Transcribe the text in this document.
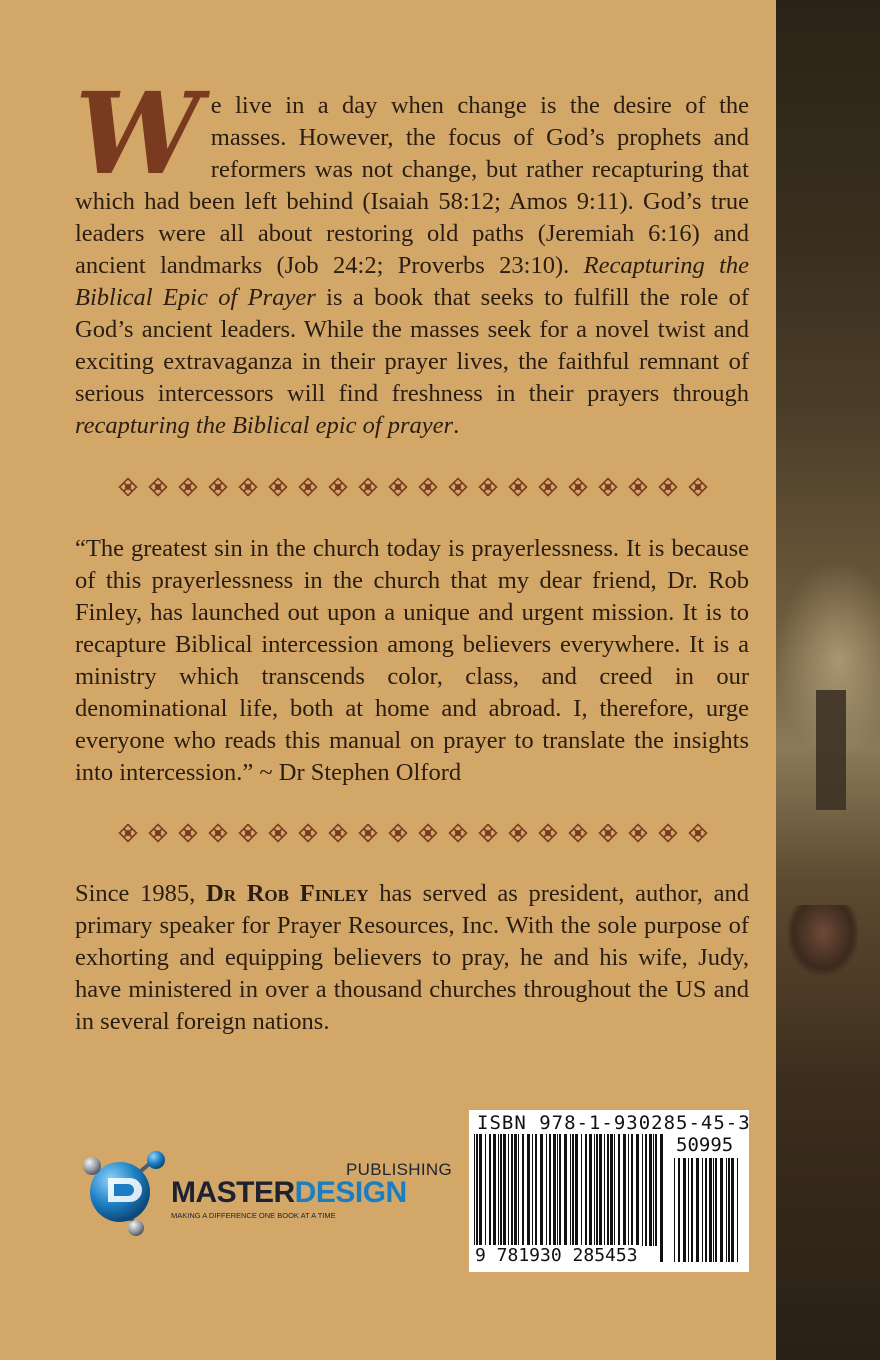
We live in a day when change is the desire of the masses. However, the focus of God’s prophets and reformers was not change, but rather recapturing that which had been left behind (Isaiah 58:12; Amos 9:11). God’s true leaders were all about restoring old paths (Jeremiah 6:16) and ancient landmarks (Job 24:2; Proverbs 23:10). Recapturing the Biblical Epic of Prayer is a book that seeks to fulfill the role of God’s ancient leaders. While the masses seek for a novel twist and exciting extravaganza in their prayer lives, the faithful remnant of serious intercessors will find freshness in their prayers through recapturing the Biblical epic of prayer.

“The greatest sin in the church today is prayerlessness. It is because of this prayerlessness in the church that my dear friend, Dr. Rob Finley, has launched out upon a unique and urgent mission. It is to recapture Biblical intercession among believers everywhere. It is a ministry which transcends color, class, and creed in our denominational life, both at home and abroad. I, therefore, urge everyone who reads this manual on prayer to translate the insights into intercession.” ~ Dr Stephen Olford

Since 1985, Dr Rob Finley has served as president, author, and primary speaker for Prayer Resources, Inc. With the sole purpose of exhorting and equipping believers to pray, he and his wife, Judy, have ministered in over a thousand churches throughout the US and in several foreign nations.

PUBLISHING
MASTERDESIGN
MAKING A DIFFERENCE ONE BOOK AT A TIME
ISBN 978-1-930285-45-3
50995
9 781930 285453
